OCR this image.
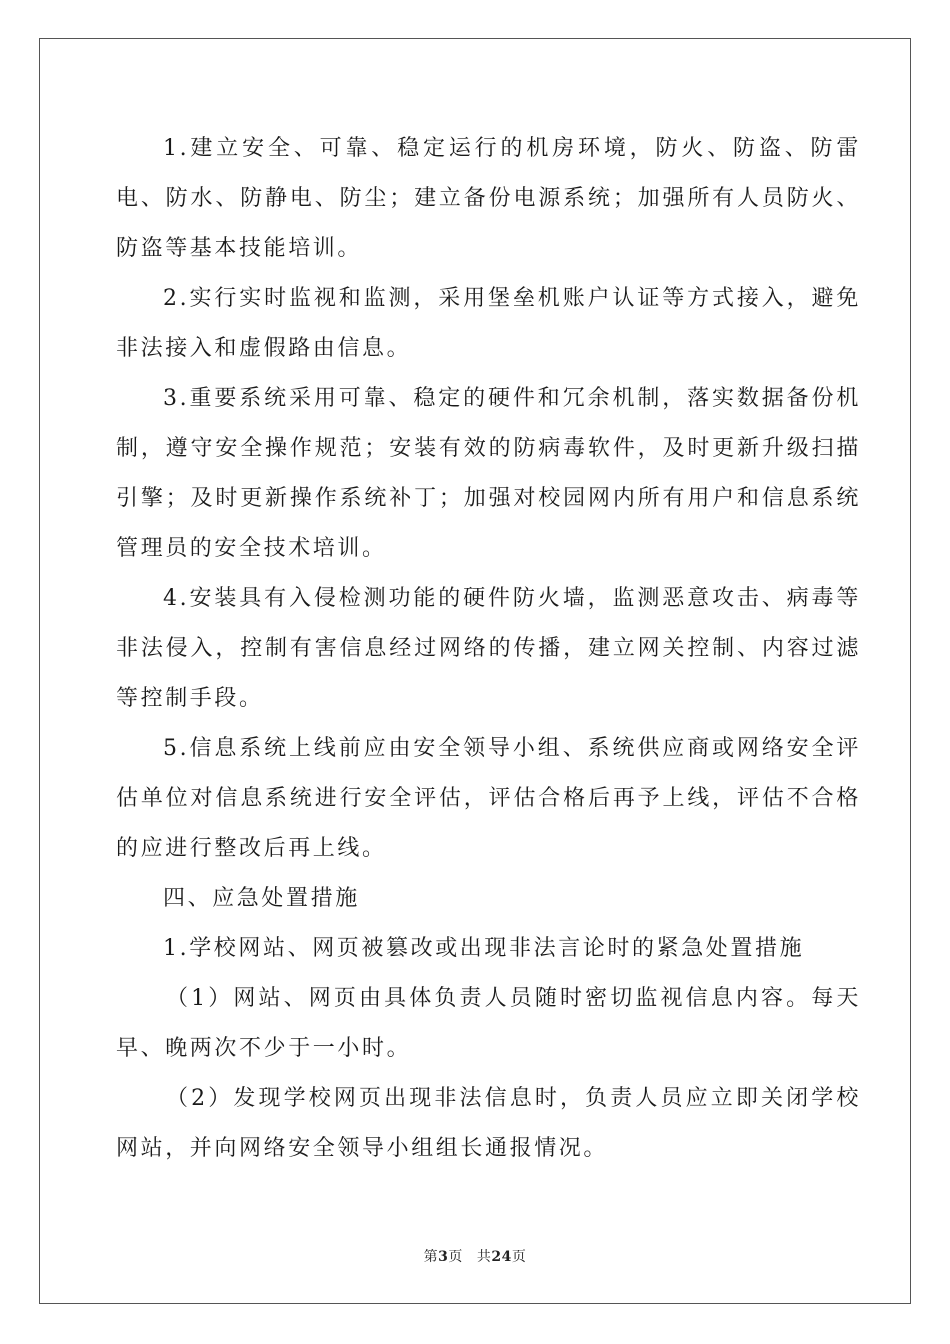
1.建立安全、可靠、稳定运行的机房环境，防火、防盗、防雷电、防水、防静电、防尘；建立备份电源系统；加强所有人员防火、防盗等基本技能培训。

2.实行实时监视和监测，采用堡垒机账户认证等方式接入，避免非法接入和虚假路由信息。

3.重要系统采用可靠、稳定的硬件和冗余机制，落实数据备份机制，遵守安全操作规范；安装有效的防病毒软件，及时更新升级扫描引擎；及时更新操作系统补丁；加强对校园网内所有用户和信息系统管理员的安全技术培训。

4.安装具有入侵检测功能的硬件防火墙，监测恶意攻击、病毒等非法侵入，控制有害信息经过网络的传播，建立网关控制、内容过滤等控制手段。

5.信息系统上线前应由安全领导小组、系统供应商或网络安全评估单位对信息系统进行安全评估，评估合格后再予上线，评估不合格的应进行整改后再上线。

四、应急处置措施

1.学校网站、网页被篡改或出现非法言论时的紧急处置措施

（1）网站、网页由具体负责人员随时密切监视信息内容。每天早、晚两次不少于一小时。

（2）发现学校网页出现非法信息时，负责人员应立即关闭学校网站，并向网络安全领导小组组长通报情况。

第3页 共24页
